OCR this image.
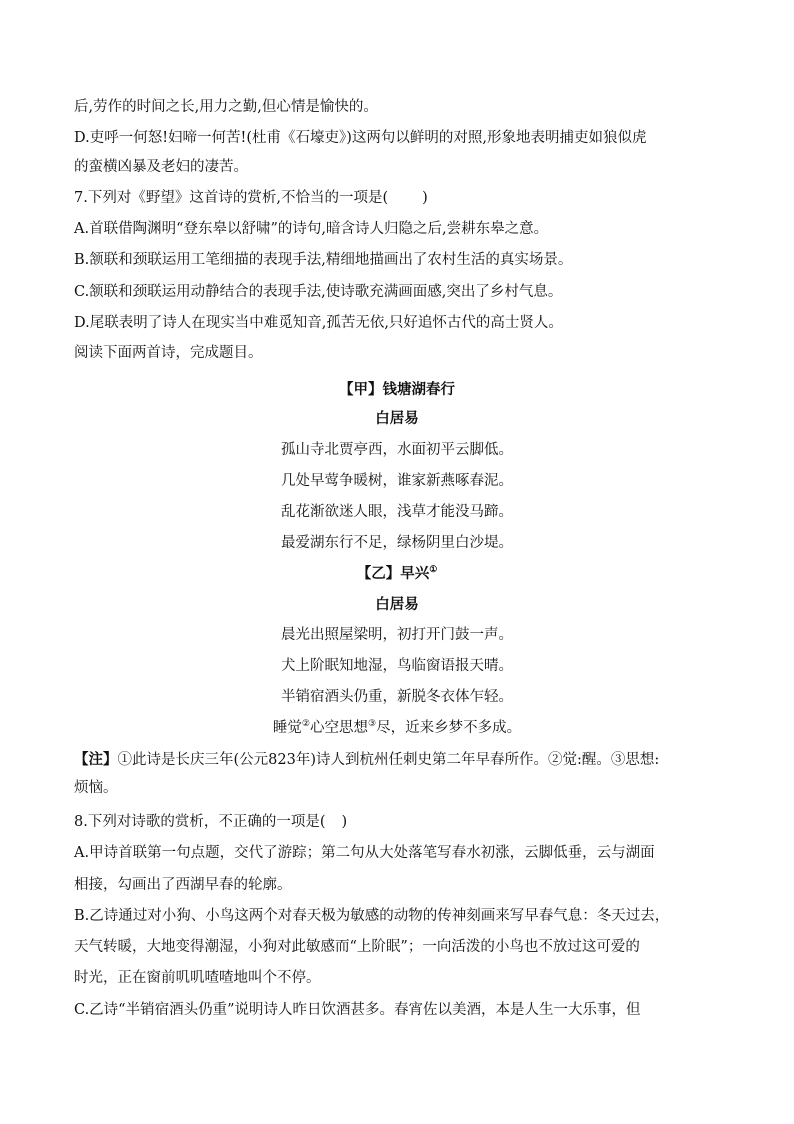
后,劳作的时间之长,用力之勤,但心情是愉快的。
D.吏呼一何怒!妇啼一何苦!(杜甫《石壕吏》)这两句以鲜明的对照,形象地表明捕吏如狼似虎
的蛮横凶暴及老妇的凄苦。
7.下列对《野望》这首诗的赏析,不恰当的一项是( )
A.首联借陶渊明“登东皋以舒啸”的诗句,暗含诗人归隐之后,尝耕东皋之意。
B.颔联和颈联运用工笔细描的表现手法,精细地描画出了农村生活的真实场景。
C.颔联和颈联运用动静结合的表现手法,使诗歌充满画面感,突出了乡村气息。
D.尾联表明了诗人在现实当中难觅知音,孤苦无依,只好追怀古代的高士贤人。
阅读下面两首诗，完成题目。
【甲】钱塘湖春行
白居易
孤山寺北贾亭西，水面初平云脚低。
几处早莺争暖树，谁家新燕啄春泥。
乱花渐欲迷人眼，浅草才能没马蹄。
最爱湖东行不足，绿杨阴里白沙堤。
【乙】早兴①
白居易
晨光出照屋梁明，初打开门鼓一声。
犬上阶眠知地湿，鸟临窗语报天晴。
半销宿酒头仍重，新脱冬衣体乍轻。
睡觉②心空思想③尽，近来乡梦不多成。
【注】①此诗是长庆三年(公元823年)诗人到杭州任刺史第二年早春所作。②觉:醒。③思想:
烦恼。
8.下列对诗歌的赏析，不正确的一项是( )
A.甲诗首联第一句点题，交代了游踪；第二句从大处落笔写春水初涨，云脚低垂，云与湖面
相接，勾画出了西湖早春的轮廓。
B.乙诗通过对小狗、小鸟这两个对春天极为敏感的动物的传神刻画来写早春气息：冬天过去，
天气转暖，大地变得潮湿，小狗对此敏感而“上阶眠”；一向活泼的小鸟也不放过这可爱的
时光，正在窗前叽叽喳喳地叫个不停。
C.乙诗“半销宿酒头仍重”说明诗人昨日饮酒甚多。春宵佐以美酒，本是人生一大乐事，但
